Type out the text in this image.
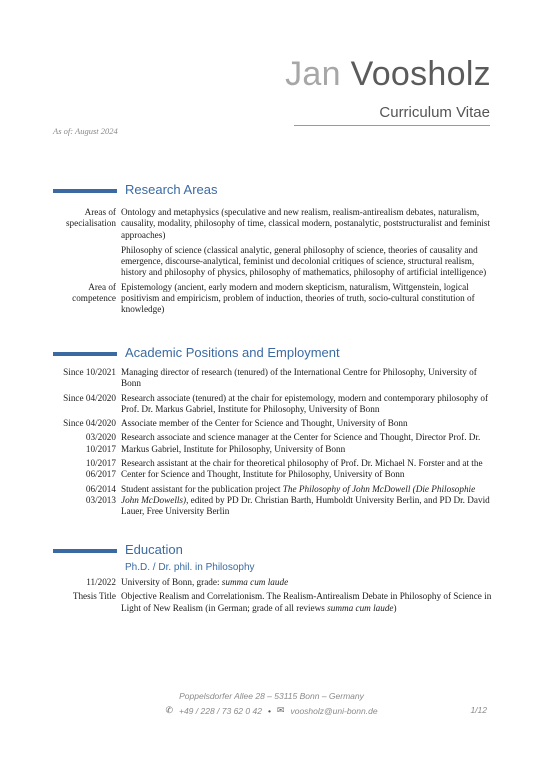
Jan Voosholz
Curriculum Vitae
As of: August 2024
Research Areas
Areas of
specialisation

Ontology and metaphysics (speculative and new realism, realism-antirealism debates, naturalism, causality, modality, philosophy of time, classical modern, postanalytic, poststructuralist and feminist approaches)

Philosophy of science (classical analytic, general philosophy of science, theories of causality and emergence, discourse-analytical, feminist und decolonial critiques of science, structural realism, history and philosophy of physics, philosophy of mathematics, philosophy of artificial intelligence)

Area of
competence
Epistemology (ancient, early modern and modern skepticism, naturalism, Wittgenstein, logical positivism and empiricism, problem of induction, theories of truth, socio-cultural constitution of knowledge)
Academic Positions and Employment
Since 10/2021 Managing director of research (tenured) of the International Centre for Philosophy, University of Bonn
Since 04/2020 Research associate (tenured) at the chair for epistemology, modern and contemporary philosophy of Prof. Dr. Markus Gabriel, Institute for Philosophy, University of Bonn
Since 04/2020 Associate member of the Center for Science and Thought, University of Bonn
03/2020
10/2017
Research associate and science manager at the Center for Science and Thought, Director Prof. Dr. Markus Gabriel, Institute for Philosophy, University of Bonn
10/2017
06/2017
Research assistant at the chair for theoretical philosophy of Prof. Dr. Michael N. Forster and at the Center for Science and Thought, Institute for Philosophy, University of Bonn
06/2014
03/2013
Student assistant for the publication project The Philosophy of John McDowell (Die Philosophie John McDowells), edited by PD Dr. Christian Barth, Humboldt University Berlin, and PD Dr. David Lauer, Free University Berlin
Education
Ph.D. / Dr. phil. in Philosophy
11/2022 University of Bonn, grade: summa cum laude
Thesis Title Objective Realism and Correlationism. The Realism-Antirealism Debate in Philosophy of Science in Light of New Realism (in German; grade of all reviews summa cum laude)
Poppelsdorfer Allee 28 – 53115 Bonn – Germany
✆ +49 / 228 / 73 62 0 42 • ✉ voosholz@uni-bonn.de	1/12
